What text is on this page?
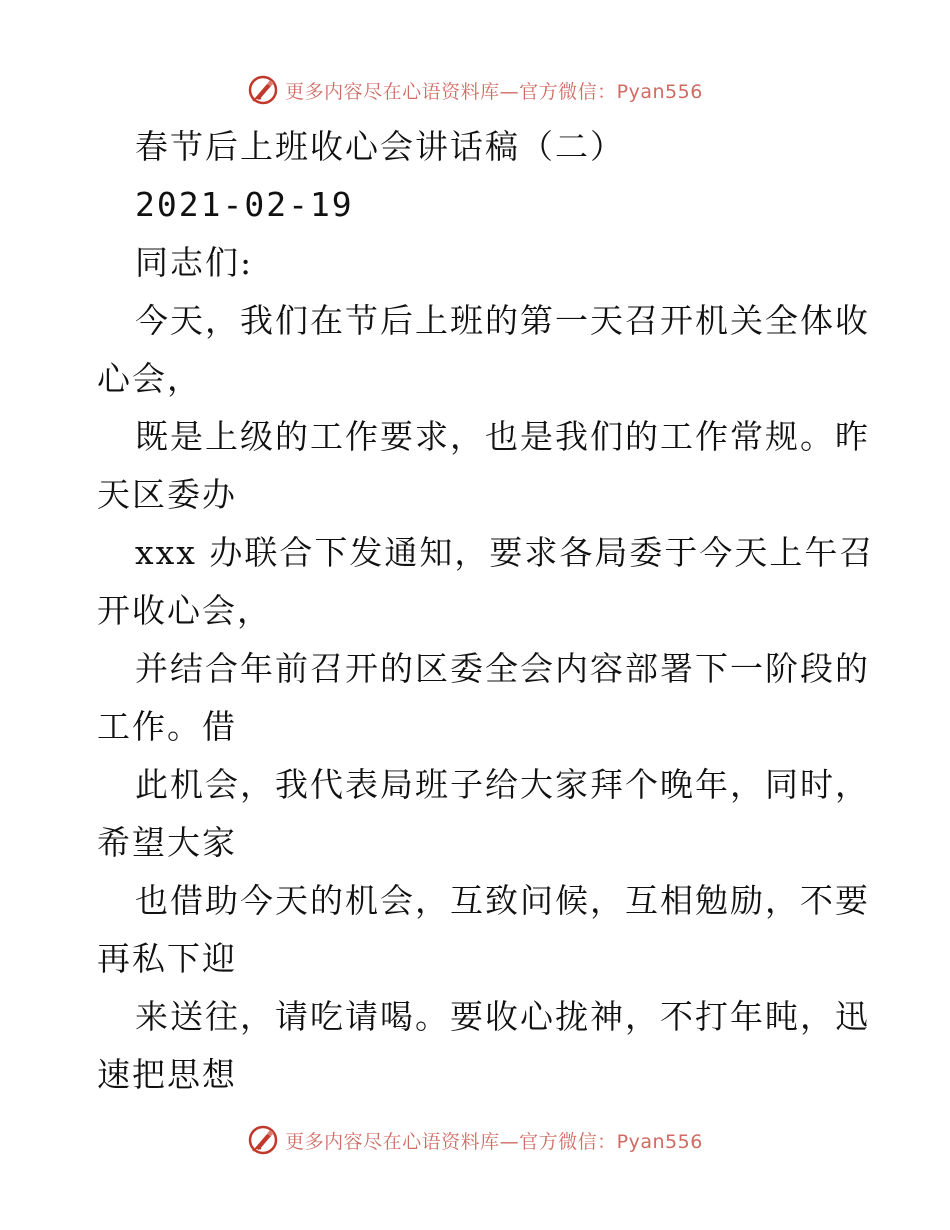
更多内容尽在心语资料库—官方微信：Pyan556
春节后上班收心会讲话稿（二）
2021-02-19
同志们:
今天，我们在节后上班的第一天召开机关全体收
心会，
既是上级的工作要求，也是我们的工作常规。昨
天区委办
xxx 办联合下发通知，要求各局委于今天上午召
开收心会，
并结合年前召开的区委全会内容部署下一阶段的
工作。借
此机会，我代表局班子给大家拜个晚年，同时，
希望大家
也借助今天的机会，互致问候，互相勉励，不要
再私下迎
来送往，请吃请喝。要收心拢神，不打年盹，迅
速把思想
更多内容尽在心语资料库—官方微信：Pyan556
